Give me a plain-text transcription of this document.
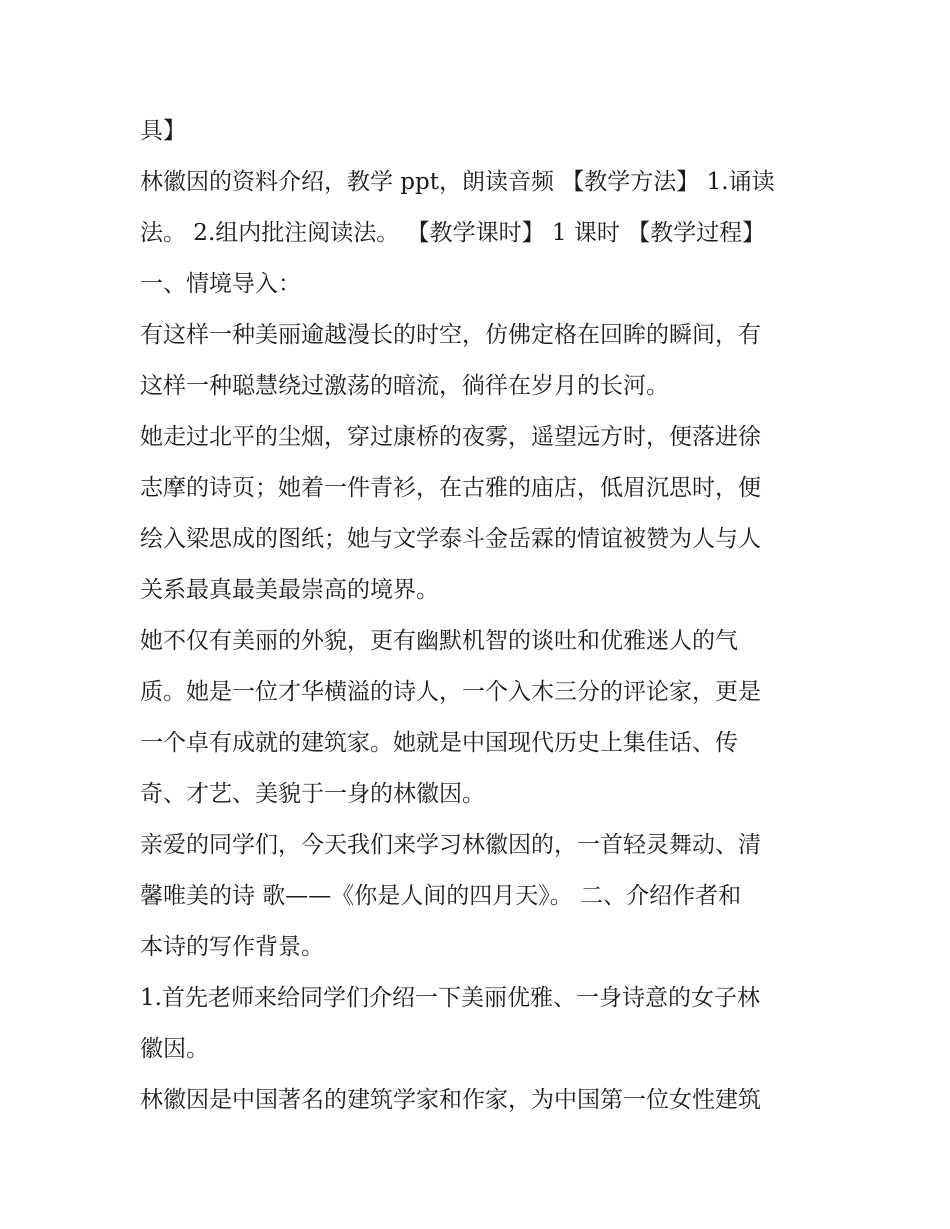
具】
林徽因的资料介绍，教学 ppt，朗读音频 【教学方法】 1.诵读
法。 2.组内批注阅读法。 【教学课时】 1 课时 【教学过程】
一、情境导入：
有这样一种美丽逾越漫长的时空，仿佛定格在回眸的瞬间，有
这样一种聪慧绕过激荡的暗流，徜徉在岁月的长河。
她走过北平的尘烟，穿过康桥的夜雾，遥望远方时，便落进徐
志摩的诗页；她着一件青衫，在古雅的庙店，低眉沉思时，便
绘入梁思成的图纸；她与文学泰斗金岳霖的情谊被赞为人与人
关系最真最美最崇高的境界。
她不仅有美丽的外貌，更有幽默机智的谈吐和优雅迷人的气
质。她是一位才华横溢的诗人，一个入木三分的评论家，更是
一个卓有成就的建筑家。她就是中国现代历史上集佳话、传
奇、才艺、美貌于一身的林徽因。
亲爱的同学们，今天我们来学习林徽因的，一首轻灵舞动、清
馨唯美的诗 歌——《你是人间的四月天》。 二、介绍作者和
本诗的写作背景。
1.首先老师来给同学们介绍一下美丽优雅、一身诗意的女子林
徽因。
林徽因是中国著名的建筑学家和作家，为中国第一位女性建筑
